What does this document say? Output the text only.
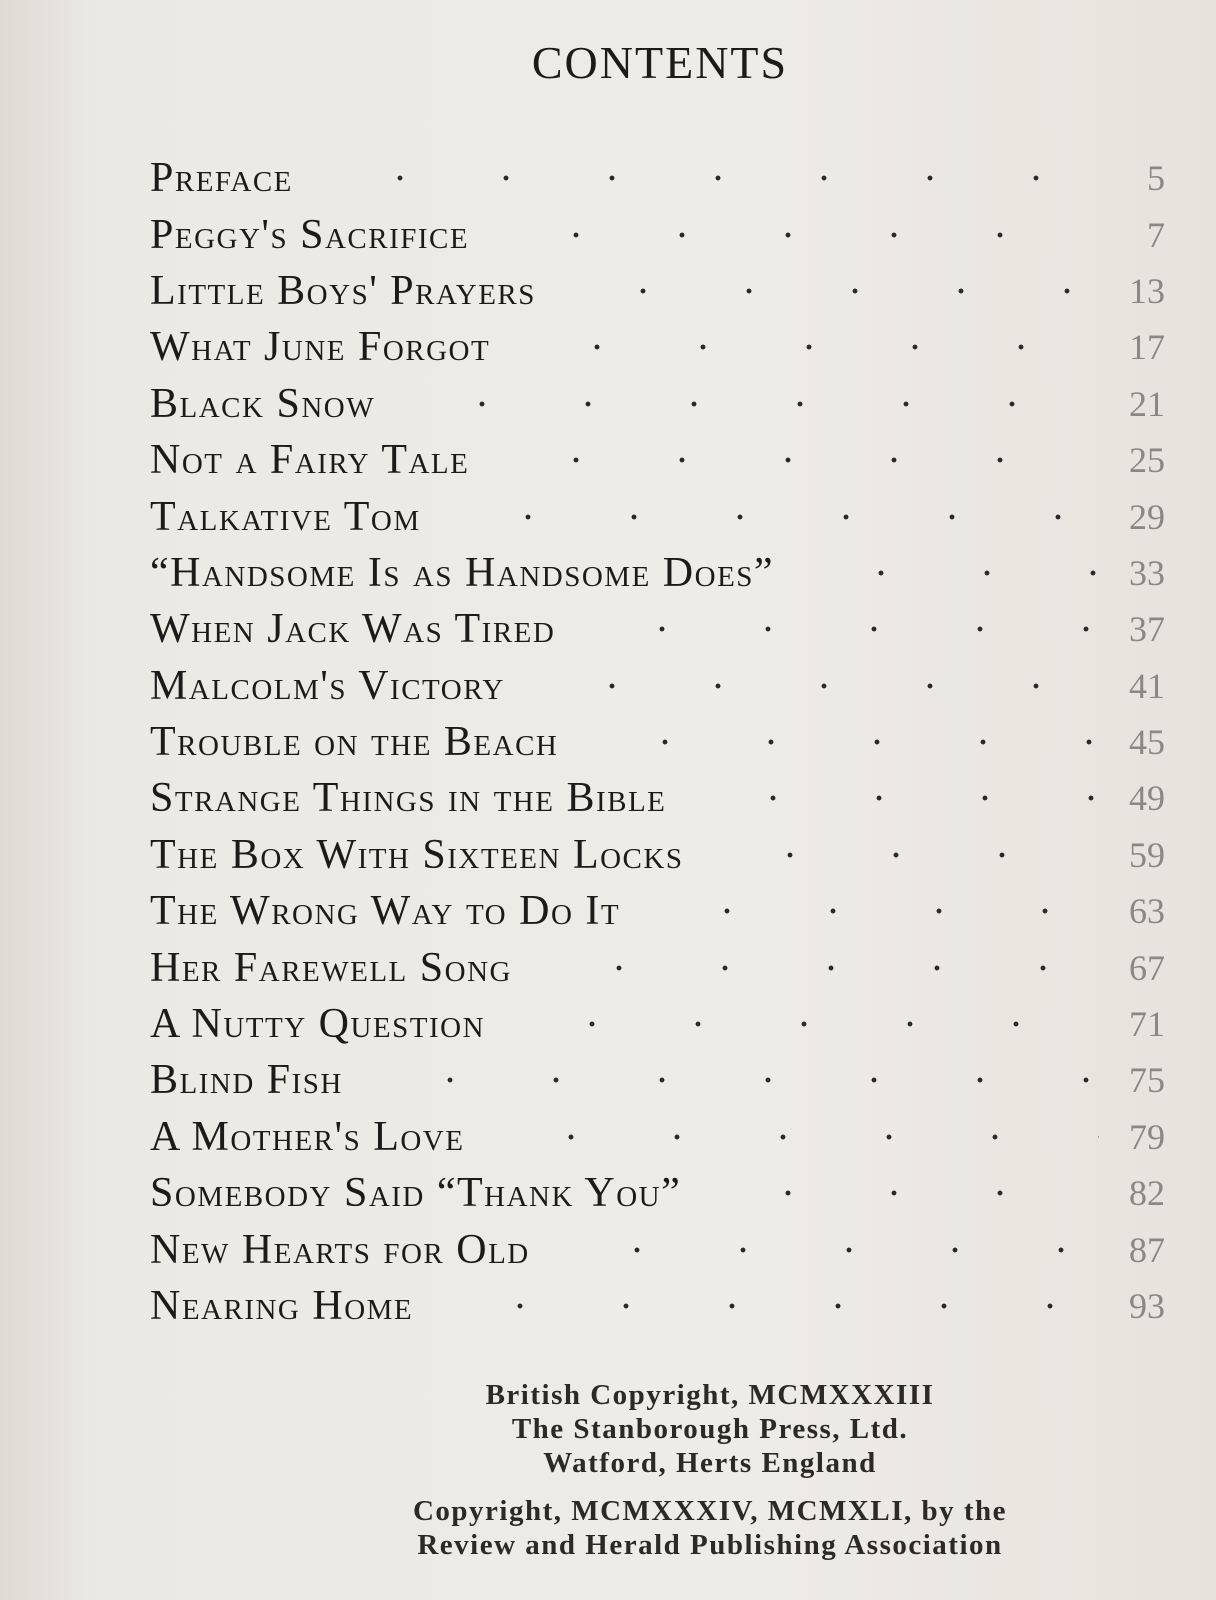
CONTENTS
Preface	5
Peggy's Sacrifice	7
Little Boys' Prayers	13
What June Forgot	17
Black Snow	21
Not a Fairy Tale	25
Talkative Tom	29
“Handsome Is as Handsome Does”	33
When Jack Was Tired	37
Malcolm's Victory	41
Trouble on the Beach	45
Strange Things in the Bible	49
The Box With Sixteen Locks	59
The Wrong Way to Do It	63
Her Farewell Song	67
A Nutty Question	71
Blind Fish	75
A Mother's Love	79
Somebody Said “Thank You”	82
New Hearts for Old	87
Nearing Home	93

British Copyright, MCMXXXIII

The Stanborough Press, Ltd.

Watford, Herts England

Copyright, MCMXXXIV, MCMXLI, by the

Review and Herald Publishing Association
